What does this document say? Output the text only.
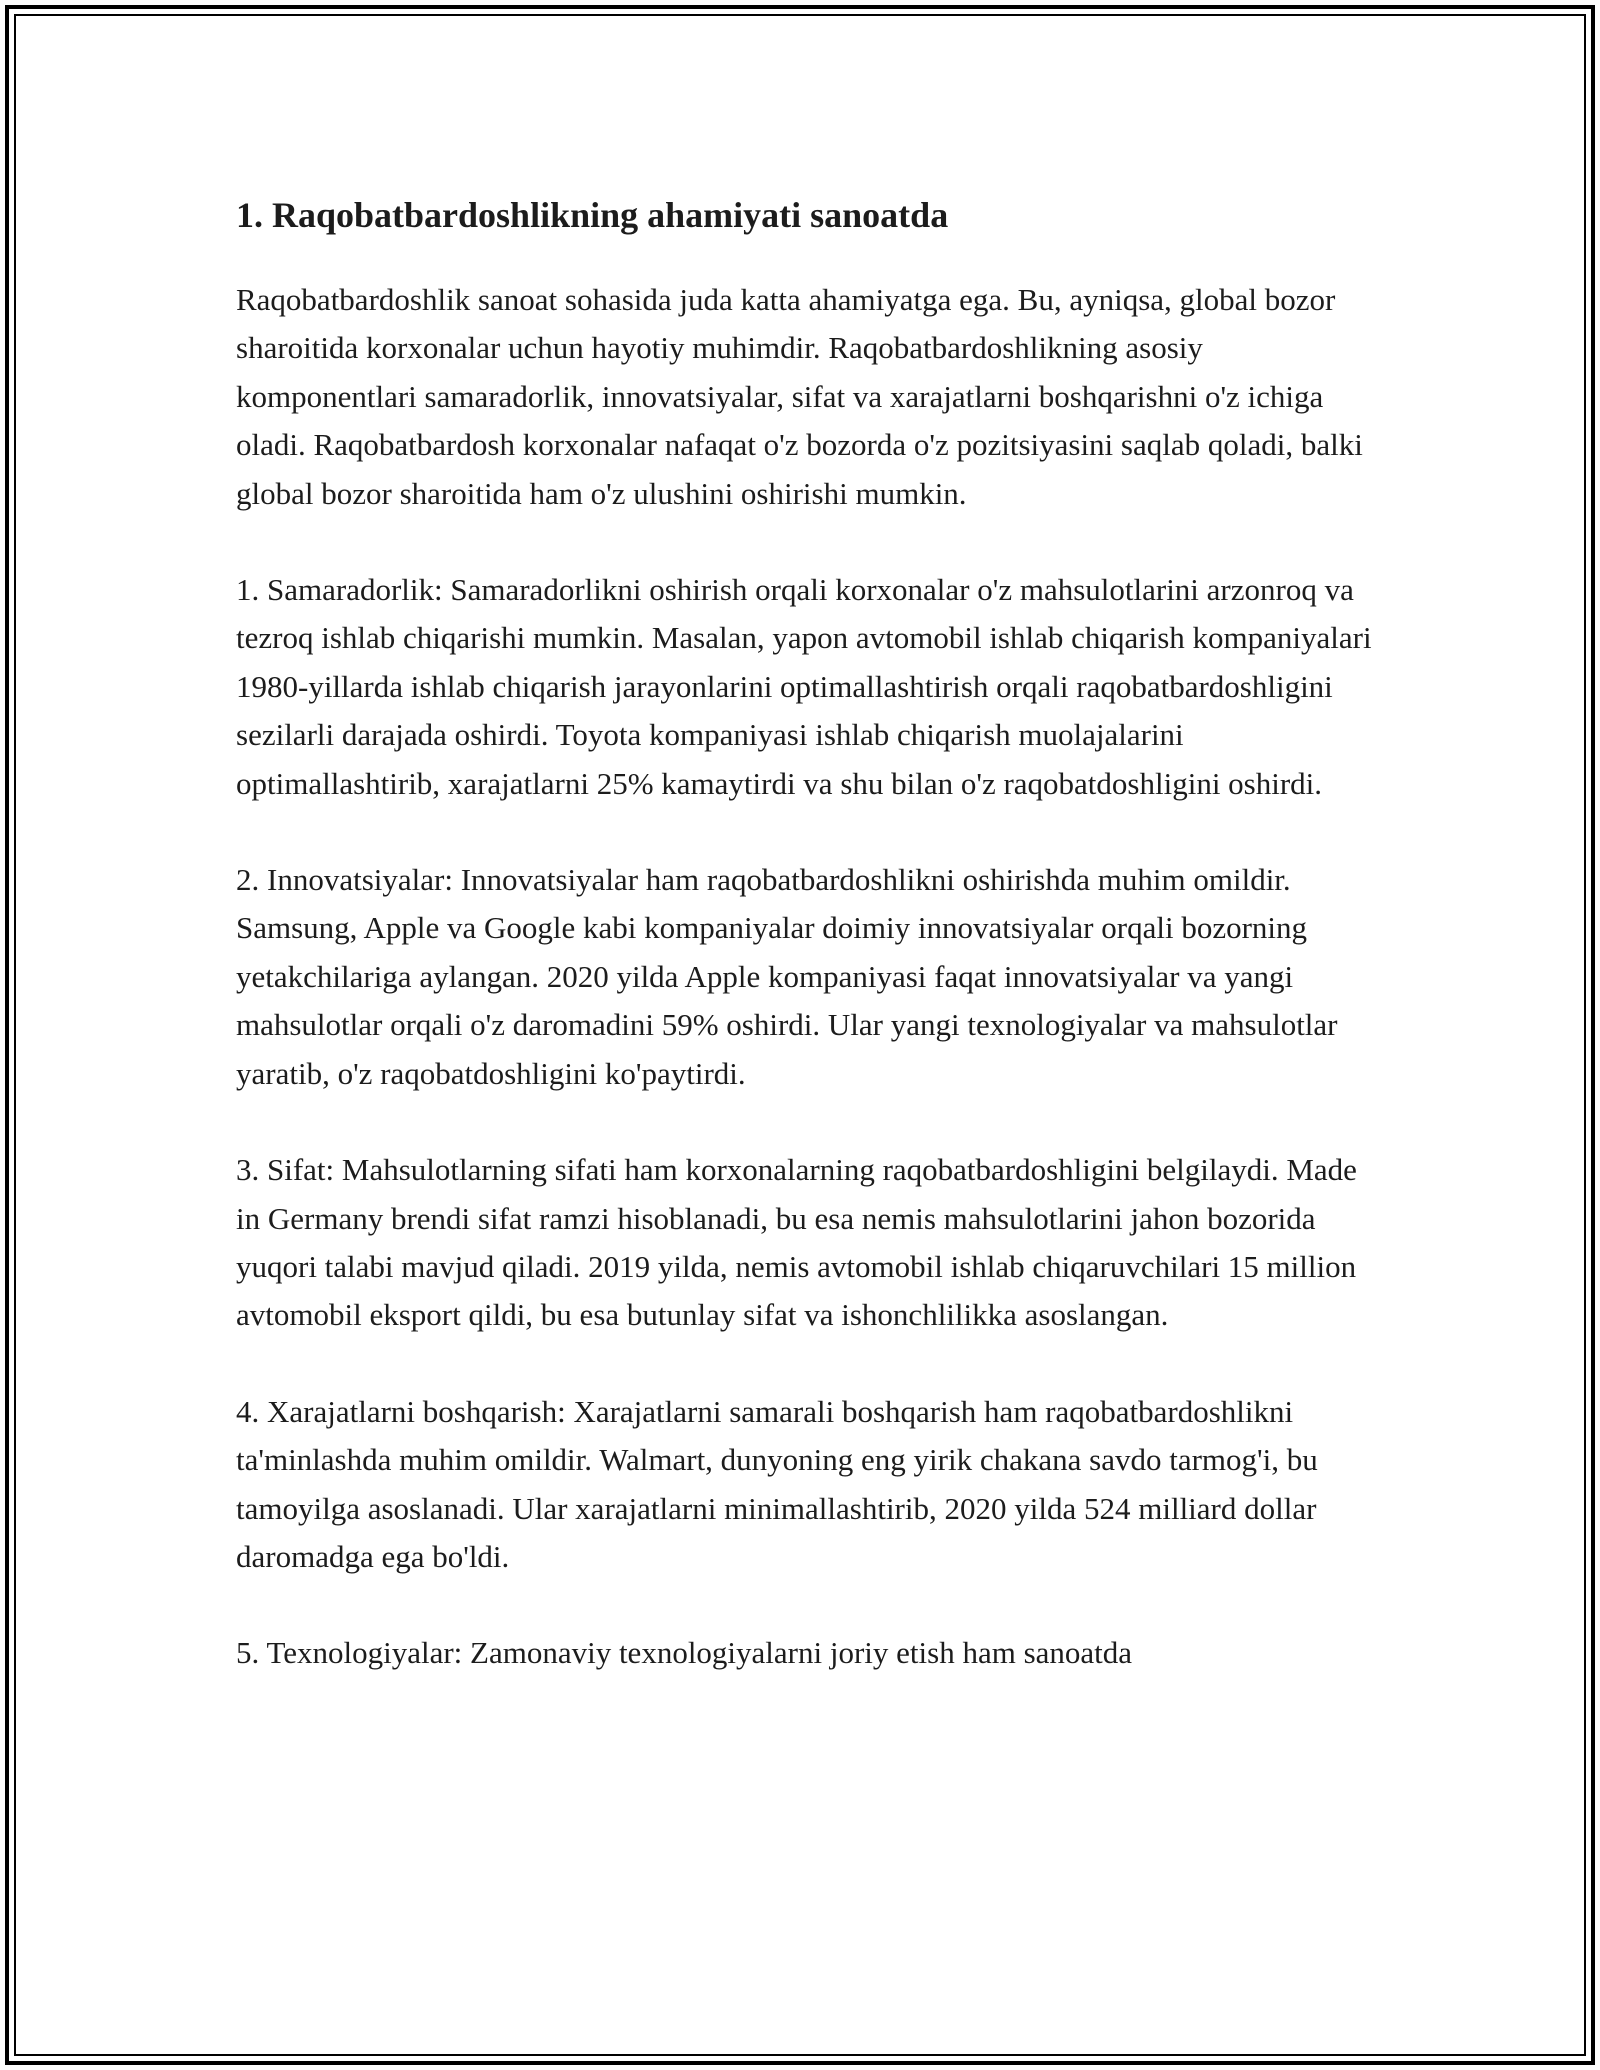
1. Raqobatbardoshlikning ahamiyati sanoatda

Raqobatbardoshlik sanoat sohasida juda katta ahamiyatga ega. Bu, ayniqsa, global bozor sharoitida korxonalar uchun hayotiy muhimdir. Raqobatbardoshlikning asosiy komponentlari samaradorlik, innovatsiyalar, sifat va xarajatlarni boshqarishni o'z ichiga oladi. Raqobatbardosh korxonalar nafaqat o'z bozorda o'z pozitsiyasini saqlab qoladi, balki global bozor sharoitida ham o'z ulushini oshirishi mumkin.

1. Samaradorlik: Samaradorlikni oshirish orqali korxonalar o'z mahsulotlarini arzonroq va tezroq ishlab chiqarishi mumkin. Masalan, yapon avtomobil ishlab chiqarish kompaniyalari 1980-yillarda ishlab chiqarish jarayonlarini optimallashtirish orqali raqobatbardoshligini sezilarli darajada oshirdi. Toyota kompaniyasi ishlab chiqarish muolajalarini optimallashtirib, xarajatlarni 25% kamaytirdi va shu bilan o'z raqobatdoshligini oshirdi.

2. Innovatsiyalar: Innovatsiyalar ham raqobatbardoshlikni oshirishda muhim omildir. Samsung, Apple va Google kabi kompaniyalar doimiy innovatsiyalar orqali bozorning yetakchilariga aylangan. 2020 yilda Apple kompaniyasi faqat innovatsiyalar va yangi mahsulotlar orqali o'z daromadini 59% oshirdi. Ular yangi texnologiyalar va mahsulotlar yaratib, o'z raqobatdoshligini ko'paytirdi.

3. Sifat: Mahsulotlarning sifati ham korxonalarning raqobatbardoshligini belgilaydi. Made in Germany brendi sifat ramzi hisoblanadi, bu esa nemis mahsulotlarini jahon bozorida yuqori talabi mavjud qiladi. 2019 yilda, nemis avtomobil ishlab chiqaruvchilari 15 million avtomobil eksport qildi, bu esa butunlay sifat va ishonchlilikka asoslangan.

4. Xarajatlarni boshqarish: Xarajatlarni samarali boshqarish ham raqobatbardoshlikni ta'minlashda muhim omildir. Walmart, dunyoning eng yirik chakana savdo tarmog'i, bu tamoyilga asoslanadi. Ular xarajatlarni minimallashtirib, 2020 yilda 524 milliard dollar daromadga ega bo'ldi.

5. Texnologiyalar: Zamonaviy texnologiyalarni joriy etish ham sanoatda
